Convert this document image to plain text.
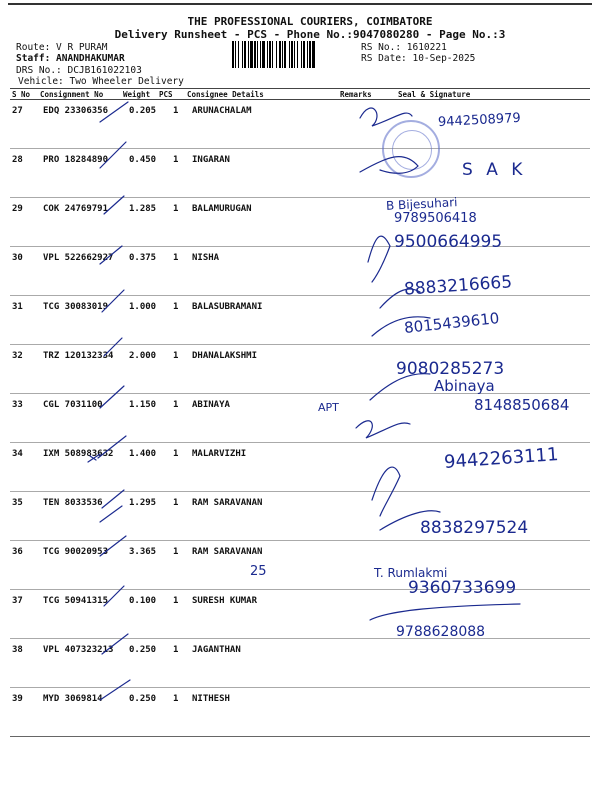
THE PROFESSIONAL COURIERS, COIMBATORE
Delivery Runsheet - PCS - Phone No.:9047080280 - Page No.:3
Route: V R PURAM
Staff: ANANDHAKUMAR
DRS No.: DCJB161022103
Vehicle: Two Wheeler Delivery
RS No.: 1610221
RS Date: 10-Sep-2025
S No Consignment No	Weight PCS Consignee Details	Remarks	Seal & Signature
27 EDQ 23306356 0.205 1 ARUNACHALAM
28 PRO 18284890 0.450 1 INGARAN
29 COK 24769791 1.285 1 BALAMURUGAN
30 VPL 522662927 0.375 1 NISHA
31 TCG 30083019 1.000 1 BALASUBRAMANI
32 TRZ 120132334 2.000 1 DHANALAKSHMI
33 CGL 7031100	1.150 1 ABINAYA
34 IXM 508983632 1.400 1 MALARVIZHI
35 TEN 8033536	1.295 1 RAM SARAVANAN
36 TCG 90020953 3.365 1 RAM SARAVANAN
37 TCG 50941315 0.100 1 SURESH KUMAR
38 VPL 407323213 0.250 1 JAGANTHAN
39 MYD 3069814	0.250 1 NITHESH
9442508979
S A K
B Bijesuhari
9789506418
9500664995
8883216665
8015439610
9080285273
Abinaya
APT	8148850684
9442263111
8838297524
25	T. Rumlakmi
9360733699
9788628088
